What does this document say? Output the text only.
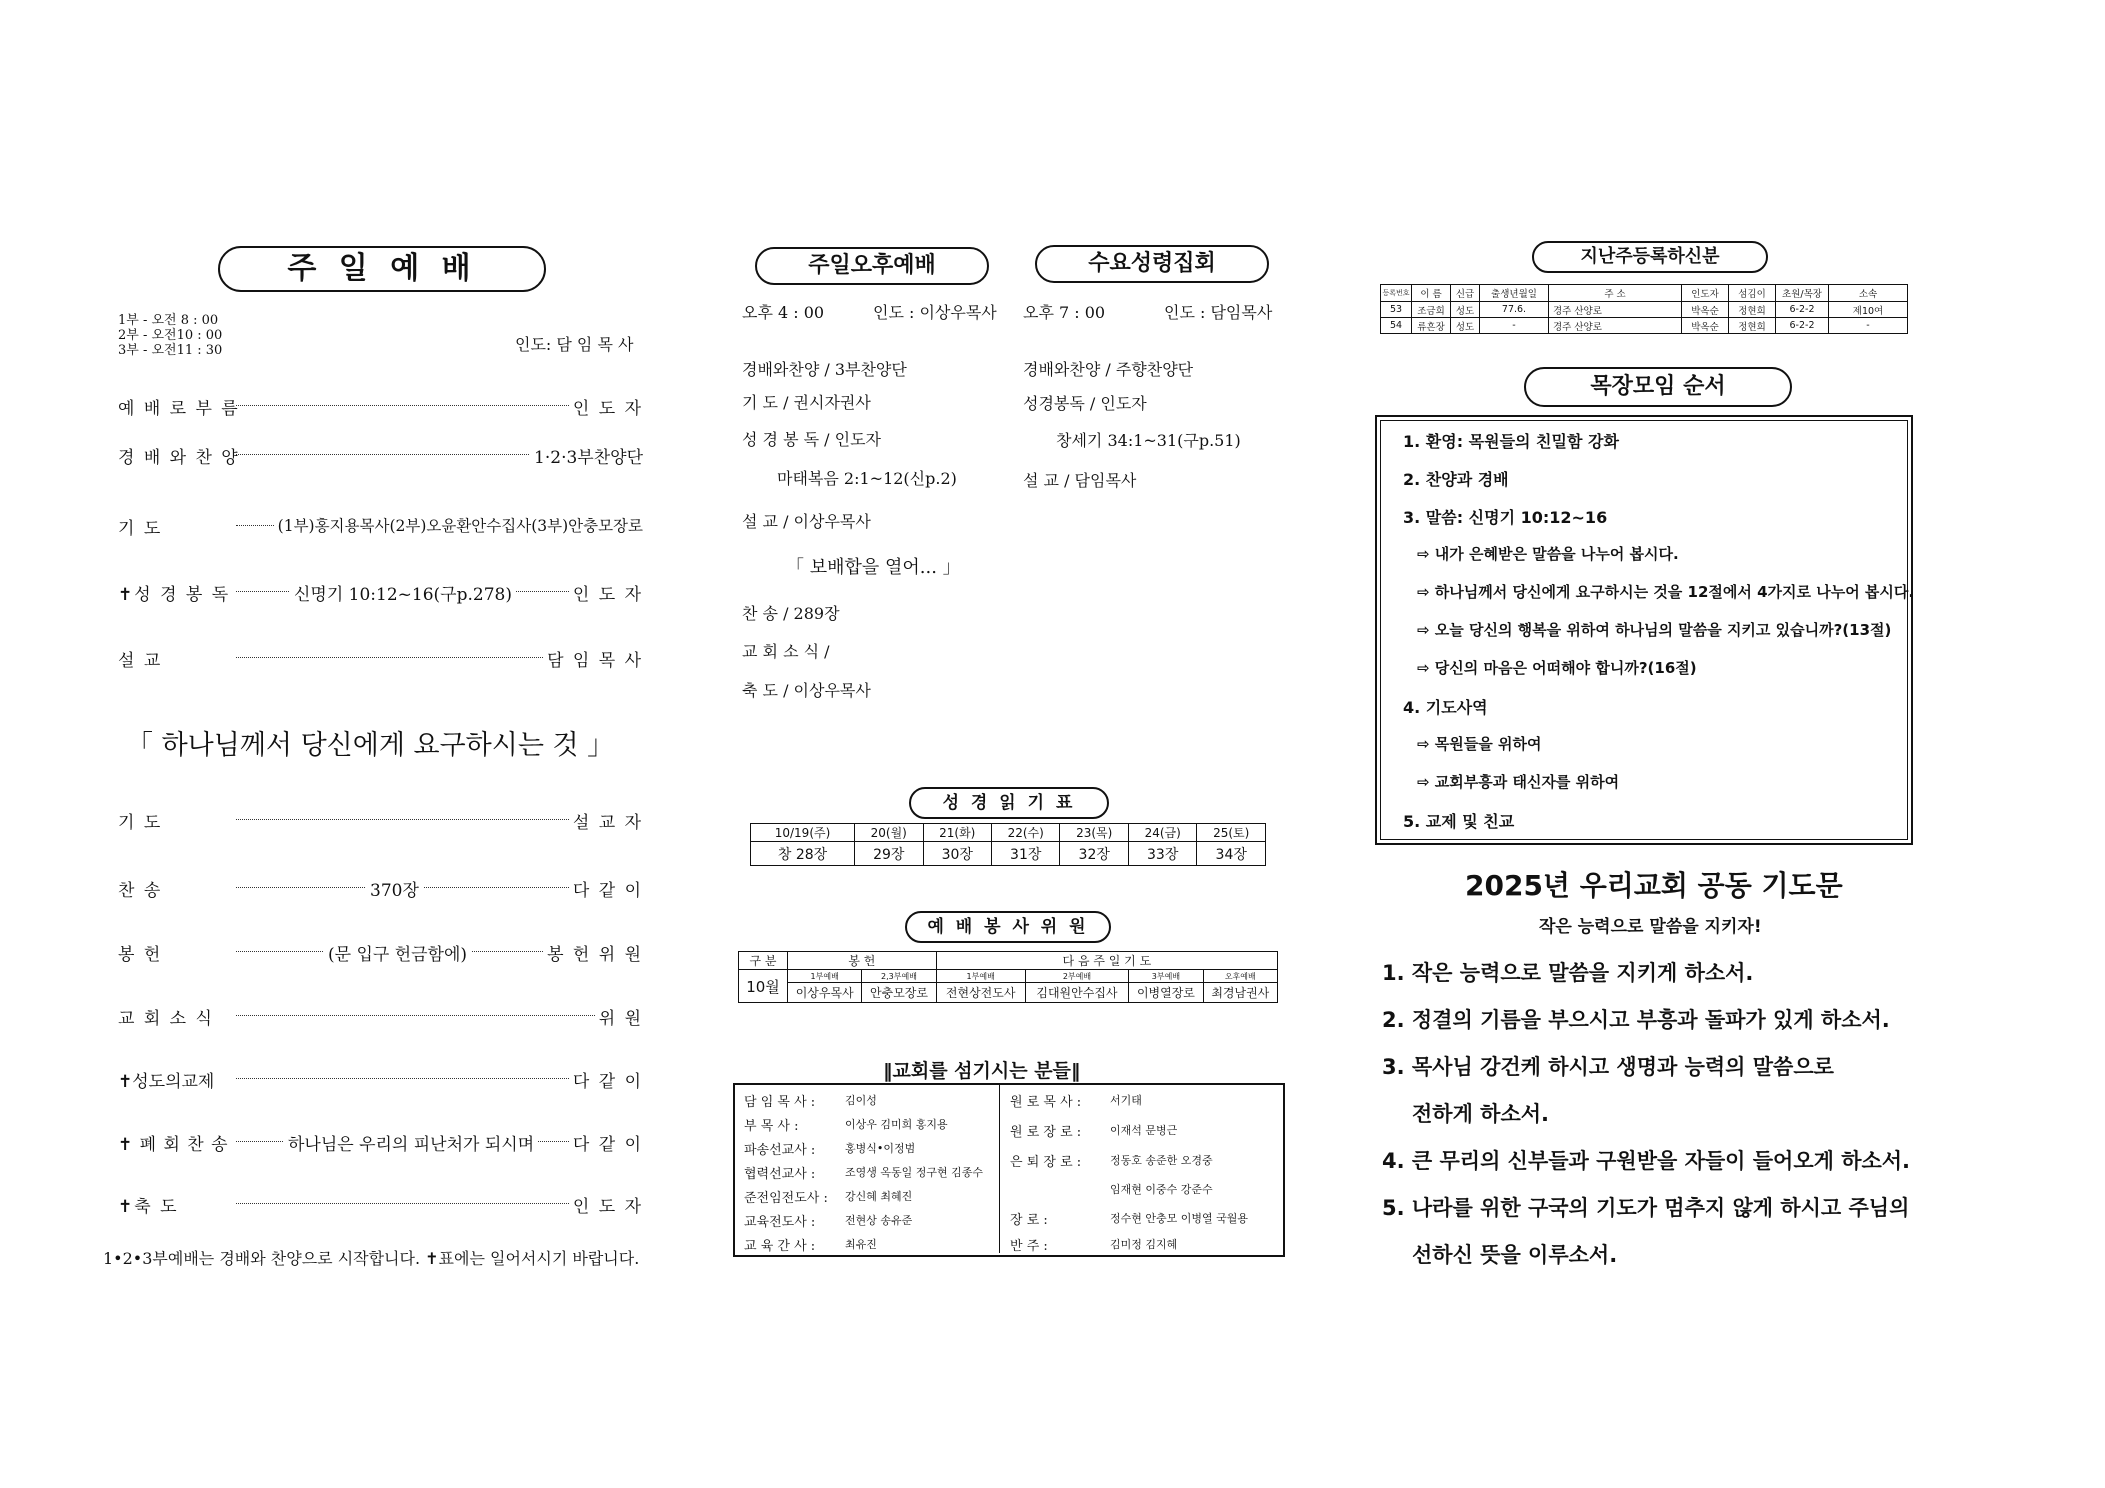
주 일 예 배
1부 - 오전 8 : 00
2부 - 오전10 : 00
3부 - 오전11 : 30	인도: 담 임 목 사
예 배 로 부 름	인 도 자
경 배 와 찬 양	1·2·3부찬양단
기 도	(1부)홍지용목사(2부)오윤환안수집사(3부)안충모장로
✝성 경 봉 독	신명기 10:12~16(구p.278)	인 도 자
설 교	담 임 목 사
「 하나님께서 당신에게 요구하시는 것 」
기 도	설 교 자
찬 송	370장	다 같 이
봉 헌	(문 입구 헌금함에)	봉 헌 위 원
교 회 소 식	위 원
✝성도의교제	다 같 이
✝ 폐 회 찬 송	하나님은 우리의 피난처가 되시며 다 같 이
✝축 도	인 도 자
1•2•3부예배는 경배와 찬양으로 시작합니다. ✝표에는 일어서시기 바랍니다.
주일오후예배	수요성령집회
오후 4 : 00	인도 : 이상우목사 오후 7 : 00	인도 : 담임목사
경배와찬양 / 3부찬양단
기 도 / 권시자권사
성 경 봉 독 / 인도자
마태복음 2:1~12(신p.2)
설 교 / 이상우목사
「 보배합을 열어... 」
찬 송 / 289장
교 회 소 식 /
축 도 / 이상우목사
경배와찬양 / 주향찬양단
성경봉독 / 인도자
창세기 34:1~31(구p.51)
설 교 / 담임목사
성 경 읽 기 표
10/19(주)	20(월)	21(화)	22(수)	23(목)	24(금)	25(토)
창 28장	29장	30장	31장	32장	33장	34장
예 배 봉 사 위 원
구 분	봉 헌		다 음 주 일 기 도			
10월	1부예배	2,3부예배	1부예배	2부예배	3부예배	오후예배
	이상우목사	안충모장로	전현상전도사	김대원안수집사	이병열장로	최경남권사
‖교회를 섬기시는 분들‖
담 임 목 사 :	김이성
부 목 사 :	이상우 김미희 홍지용
파송선교사 :	홍병식•이정범
협력선교사 :	조영생 옥동일 정구현 김종수
준전임전도사 : 강신혜 최혜진
교육전도사 :	전현상 송유준
교 육 간 사 :	최유진
원 로 목 사 :	서기태
원 로 장 로 :	이재석 문병근
은 퇴 장 로 :	정동호 송준한 오경중
임재현 이중수 강준수
장 로 :	정수현 안충모 이병열 국월용
반 주 :	김미정 김지혜
지난주등록하신분
등록번호	이 름	신급	출생년월일	주 소	인도자	섬김이	초원/목장	소속
53	조금희	성도	77.6.	경주 산양로	박옥순	정현희	6-2-2	제10여
54	류흔장	성도	-	경주 산양로	박옥순	정현희	6-2-2	-
목장모임 순서
1. 환영: 목원들의 친밀함 강화
2. 찬양과 경배
3. 말씀: 신명기 10:12~16
⇨ 내가 은혜받은 말씀을 나누어 봅시다.
⇨ 하나님께서 당신에게 요구하시는 것을 12절에서 4가지로 나누어 봅시다.
⇨ 오늘 당신의 행복을 위하여 하나님의 말씀을 지키고 있습니까?(13절)
⇨ 당신의 마음은 어떠해야 합니까?(16절)
4. 기도사역
⇨ 목원들을 위하여
⇨ 교회부흥과 태신자를 위하여
5. 교제 및 친교
2025년 우리교회 공동 기도문
작은 능력으로 말씀을 지키자!
1. 작은 능력으로 말씀을 지키게 하소서.
2. 정결의 기름을 부으시고 부흥과 돌파가 있게 하소서.
3. 목사님 강건케 하시고 생명과 능력의 말씀으로
전하게 하소서.
4. 큰 무리의 신부들과 구원받을 자들이 들어오게 하소서.
5. 나라를 위한 구국의 기도가 멈추지 않게 하시고 주님의
선하신 뜻을 이루소서.
